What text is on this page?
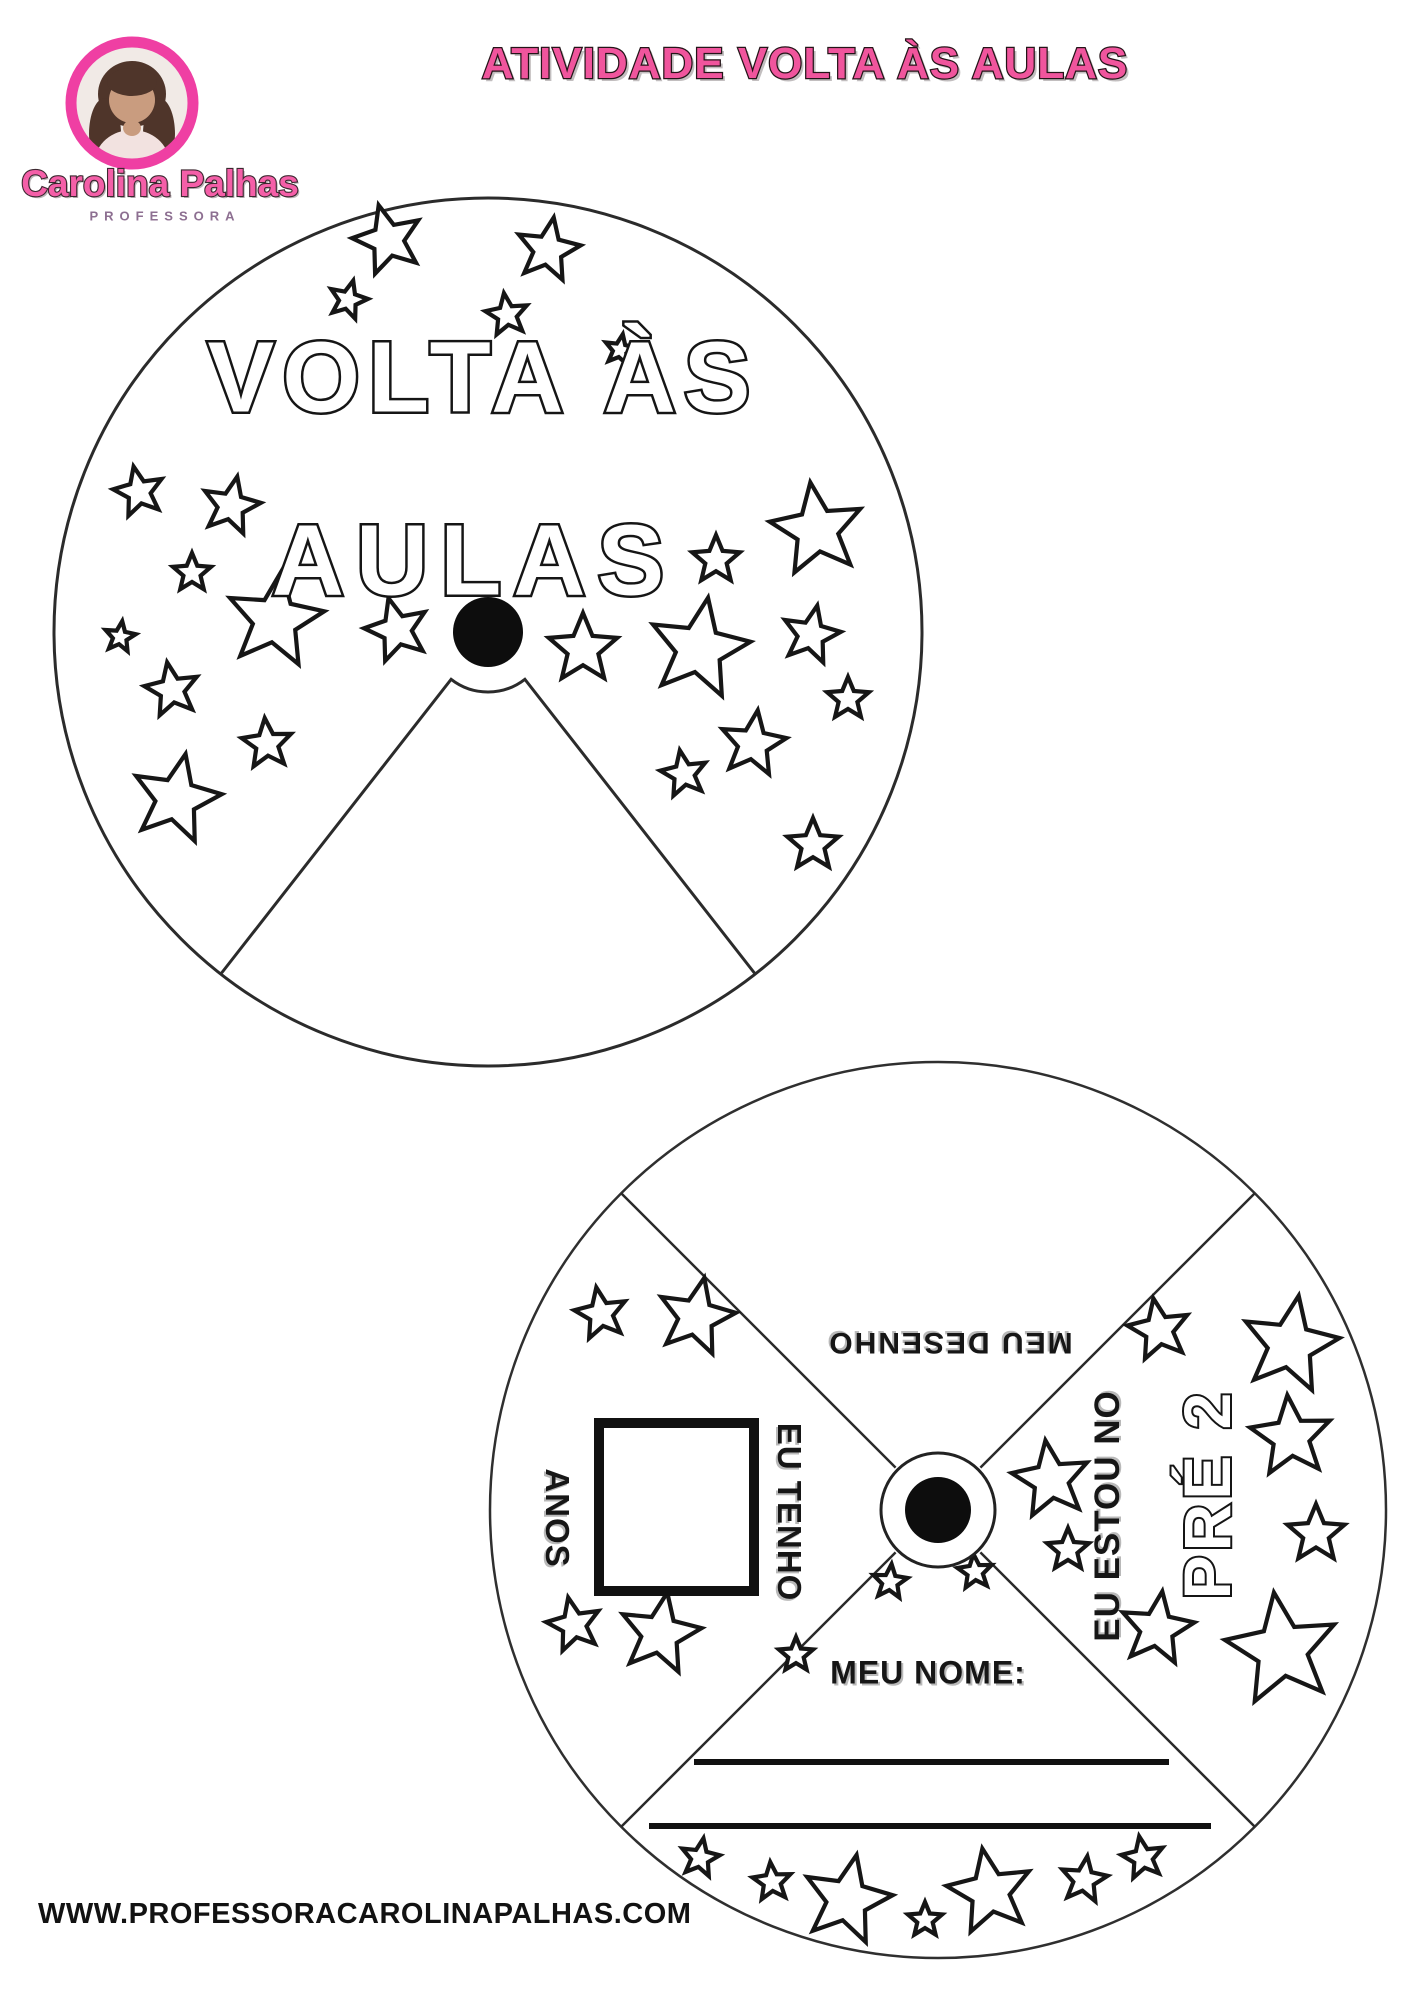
Carolina Palhas
PROFESSORA
ATIVIDADE VOLTA ÀS AULAS
VOLTA ÀS
AULAS
MEU DESENHO
EU TENHO
ANOS	EU ESTOU NO PRÉ 2
MEU NOME:
WWW.PROFESSORACAROLINAPALHAS.COM
